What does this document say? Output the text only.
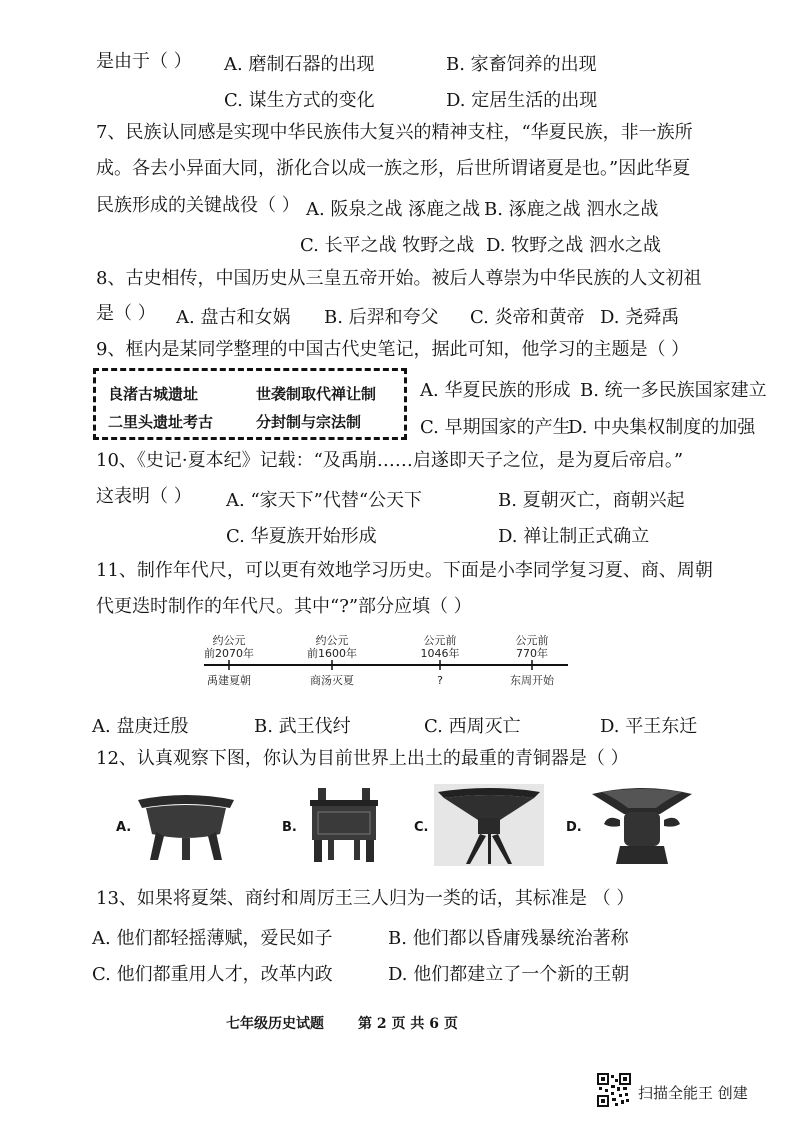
是由于（ ） A. 磨制石器的出现	B. 家畜饲养的出现
C. 谋生方式的变化	D. 定居生活的出现
7、民族认同感是实现中华民族伟大复兴的精神支柱，“华夏民族，非一族所
成。各去小异面大同，浙化合以成一族之形，后世所谓诸夏是也。”因此华夏
民族形成的关键战役（ ） A. 阪泉之战 涿鹿之战 B. 涿鹿之战 泗水之战
C. 长平之战 牧野之战 D. 牧野之战 泗水之战
8、古史相传，中国历史从三皇五帝开始。被后人尊崇为中华民族的人文初祖
是（ ） A. 盘古和女娲 B. 后羿和夸父 C. 炎帝和黄帝 D. 尧舜禹
9、框内是某同学整理的中国古代史笔记，据此可知，他学习的主题是（ ）
良渚古城遗址	世袭制取代禅让制
二里头遗址考古	分封制与宗法制
A. 华夏民族的形成 B. 统一多民族国家建立
C. 早期国家的产生
D. 中央集权制度的加强
10、《史记·夏本纪》记载：“及禹崩……启遂即天子之位，是为夏后帝启。”
这表明（ ） A. “家天下”代替“公天下	B. 夏朝灭亡，商朝兴起
C. 华夏族开始形成	D. 禅让制正式确立
11、制作年代尺，可以更有效地学习历史。下面是小李同学复习夏、商、周朝
代更迭时制作的年代尺。其中“?”部分应填（ ）
约公元
前2070年
约公元
前1600年
公元前
1046年
公元前
770年
禹建夏朝	商汤灭夏	?	东周开始
A. 盘庚迁殷	B. 武王伐纣	C. 西周灭亡	D. 平王东迁
12、认真观察下图，你认为目前世界上出土的最重的青铜器是（ ）
A.	B.	C.	D.
13、如果将夏桀、商纣和周厉王三人归为一类的话，其标准是 （ ）
A. 他们都轻摇薄赋，爱民如子	B. 他们都以昏庸残暴统治著称
C. 他们都重用人才，改革内政	D. 他们都建立了一个新的王朝
七年级历史试题 第 2 页 共 6 页
扫描全能王 创建
